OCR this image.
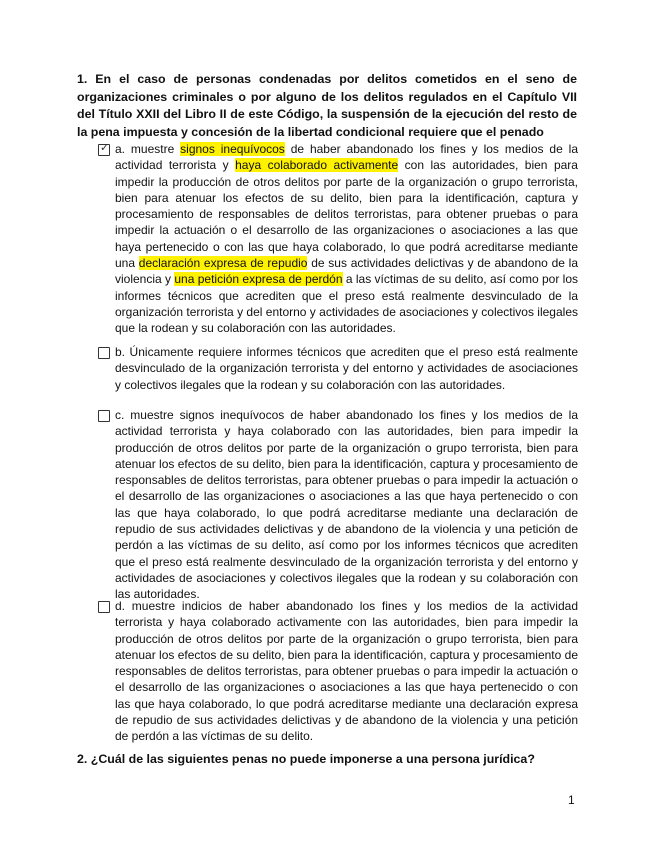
1. En el caso de personas condenadas por delitos cometidos en el seno de organizaciones criminales o por alguno de los delitos regulados en el Capítulo VII del Título XXII del Libro II de este Código, la suspensión de la ejecución del resto de la pena impuesta y concesión de la libertad condicional requiere que el penado
✓ a. muestre signos inequívocos de haber abandonado los fines y los medios de la actividad terrorista y haya colaborado activamente con las autoridades, bien para impedir la producción de otros delitos por parte de la organización o grupo terrorista, bien para atenuar los efectos de su delito, bien para la identificación, captura y procesamiento de responsables de delitos terroristas, para obtener pruebas o para impedir la actuación o el desarrollo de las organizaciones o asociaciones a las que haya pertenecido o con las que haya colaborado, lo que podrá acreditarse mediante una declaración expresa de repudio de sus actividades delictivas y de abandono de la violencia y una petición expresa de perdón a las víctimas de su delito, así como por los informes técnicos que acrediten que el preso está realmente desvinculado de la organización terrorista y del entorno y actividades de asociaciones y colectivos ilegales que la rodean y su colaboración con las autoridades.
b. Únicamente requiere informes técnicos que acrediten que el preso está realmente desvinculado de la organización terrorista y del entorno y actividades de asociaciones y colectivos ilegales que la rodean y su colaboración con las autoridades.
c. muestre signos inequívocos de haber abandonado los fines y los medios de la actividad terrorista y haya colaborado con las autoridades, bien para impedir la producción de otros delitos por parte de la organización o grupo terrorista, bien para atenuar los efectos de su delito, bien para la identificación, captura y procesamiento de responsables de delitos terroristas, para obtener pruebas o para impedir la actuación o el desarrollo de las organizaciones o asociaciones a las que haya pertenecido o con las que haya colaborado, lo que podrá acreditarse mediante una declaración de repudio de sus actividades delictivas y de abandono de la violencia y una petición de perdón a las víctimas de su delito, así como por los informes técnicos que acrediten que el preso está realmente desvinculado de la organización terrorista y del entorno y actividades de asociaciones y colectivos ilegales que la rodean y su colaboración con las autoridades.
d. muestre indicios de haber abandonado los fines y los medios de la actividad terrorista y haya colaborado activamente con las autoridades, bien para impedir la producción de otros delitos por parte de la organización o grupo terrorista, bien para atenuar los efectos de su delito, bien para la identificación, captura y procesamiento de responsables de delitos terroristas, para obtener pruebas o para impedir la actuación o el desarrollo de las organizaciones o asociaciones a las que haya pertenecido o con las que haya colaborado, lo que podrá acreditarse mediante una declaración expresa de repudio de sus actividades delictivas y de abandono de la violencia y una petición de perdón a las víctimas de su delito.
2. ¿Cuál de las siguientes penas no puede imponerse a una persona jurídica?
1
